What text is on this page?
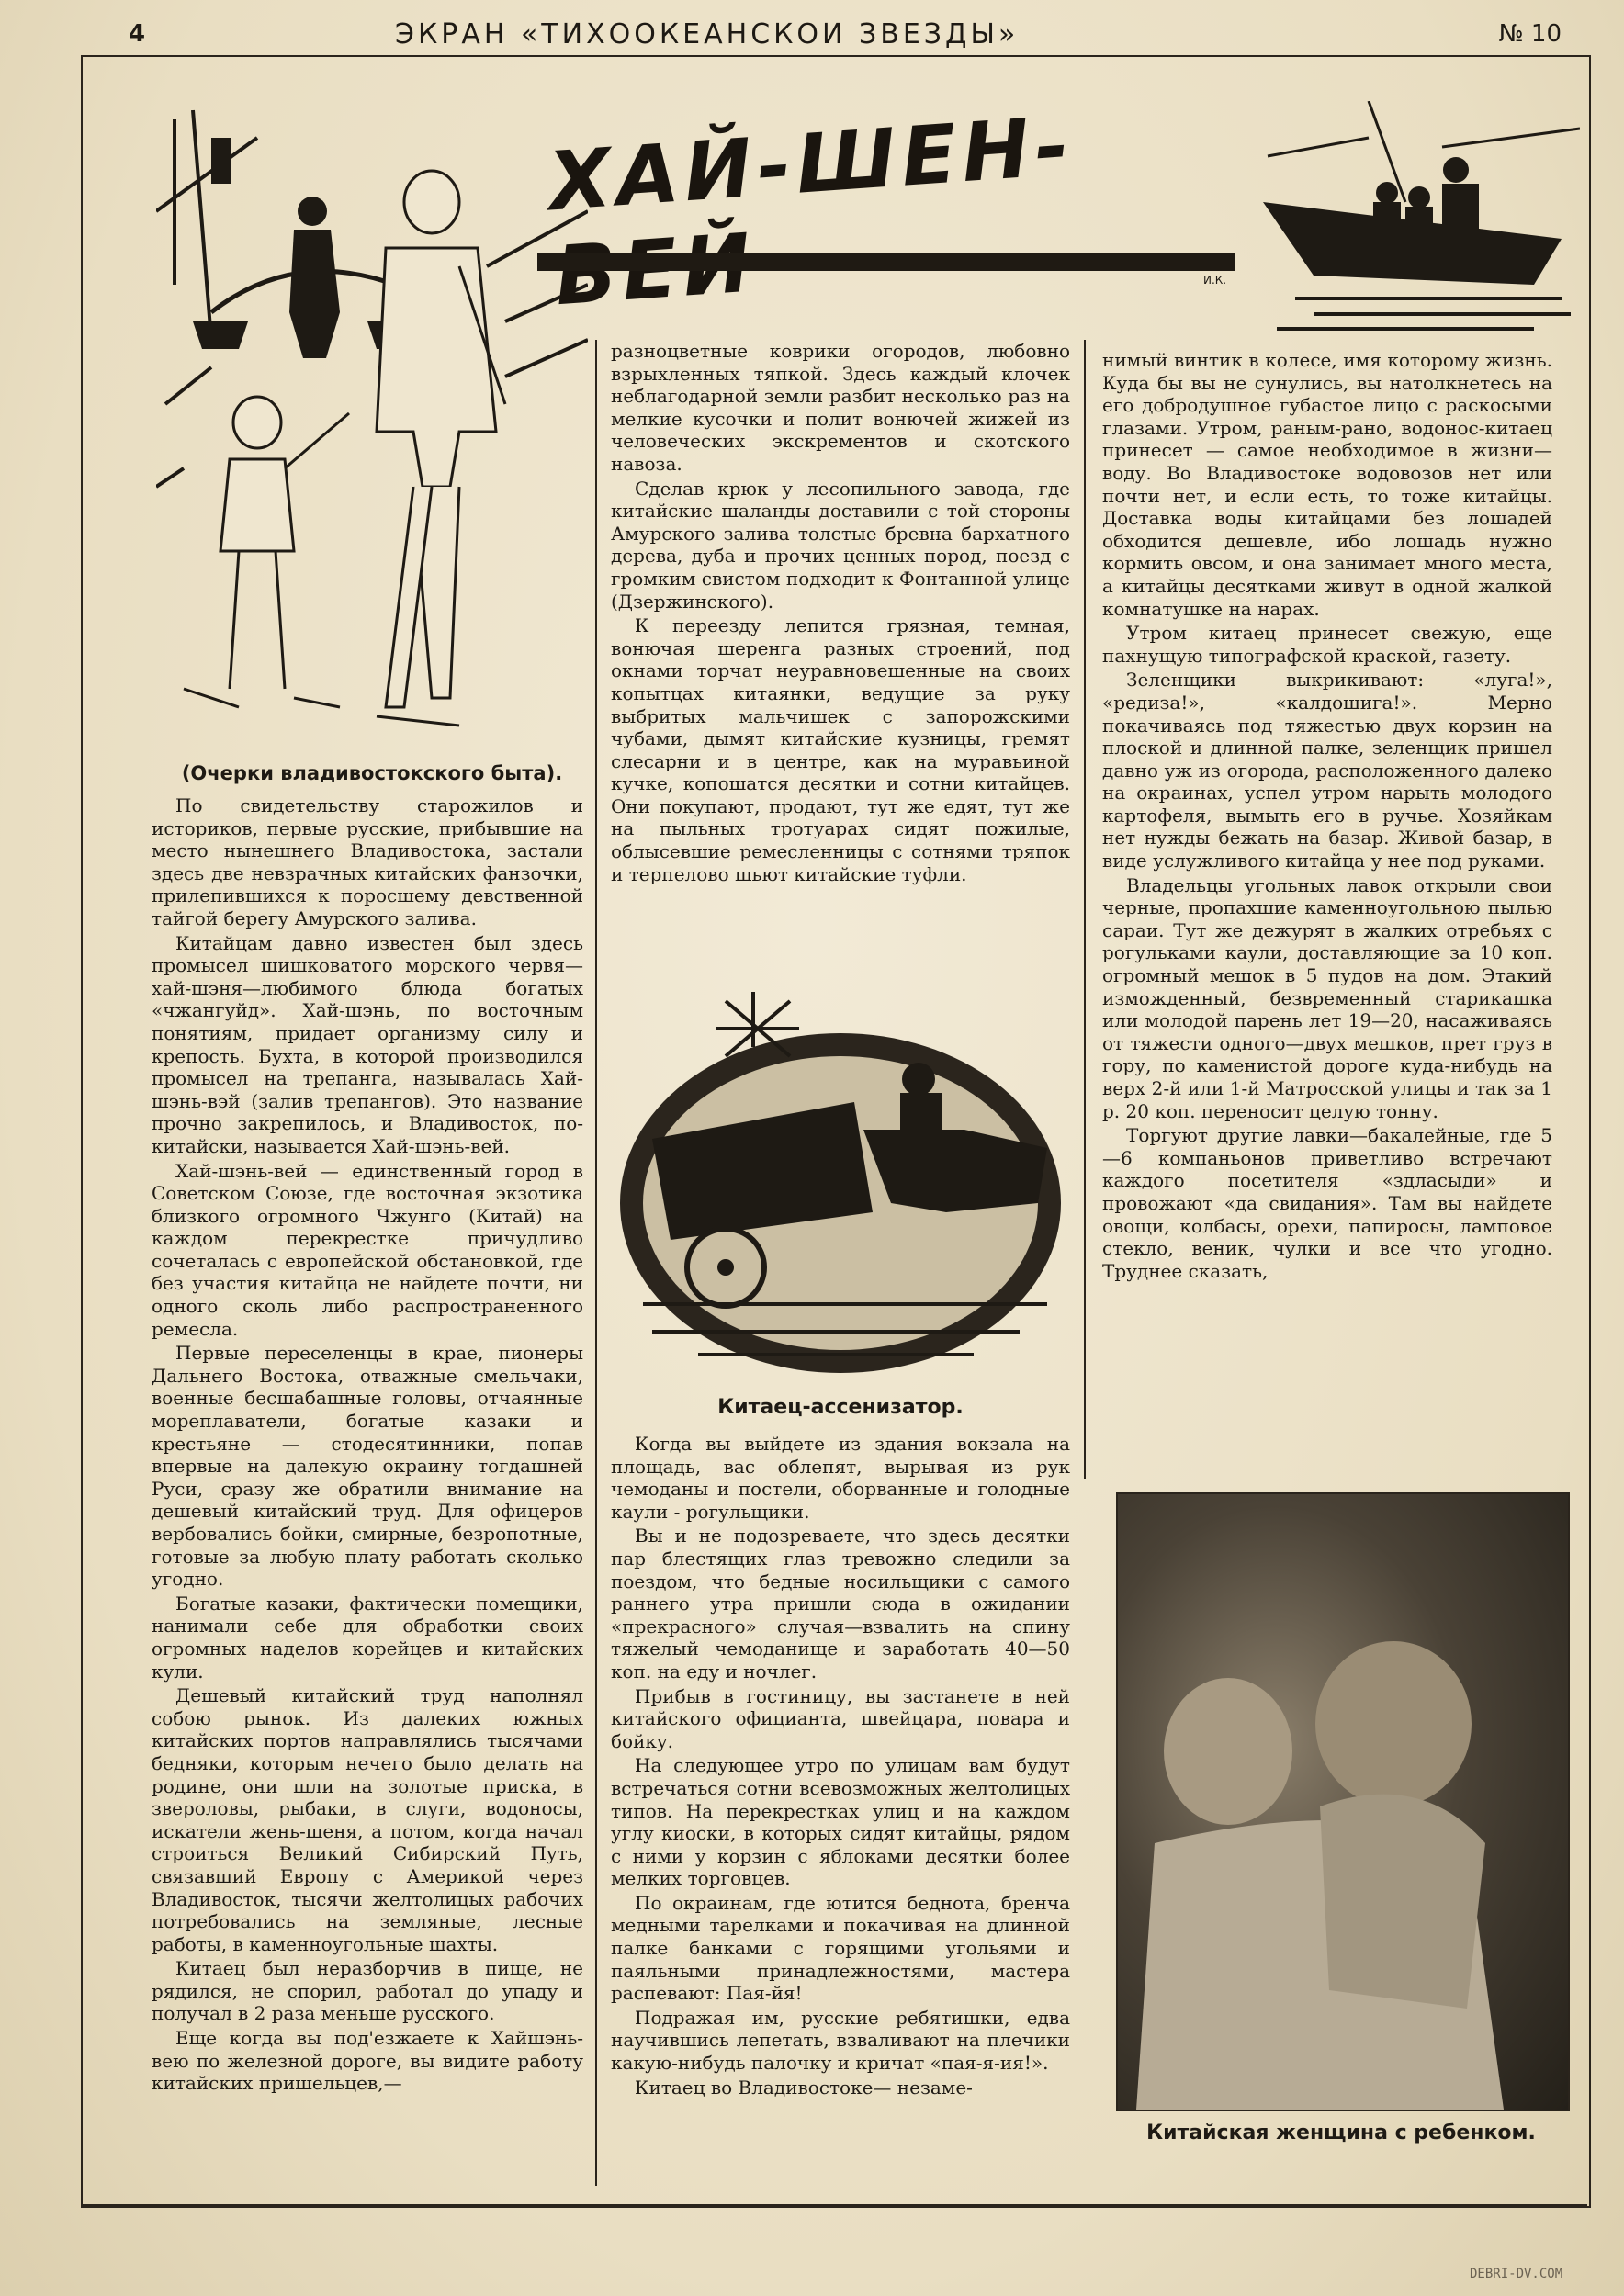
4	ЭКРАН «ТИХООКЕАНСКОИ ЗВЕЗДЫ»	№ 10
ХАЙ-ШЕН-ВЕЙ	И.К.
(Очерки владивостокского быта).

По свидетельству старожилов и историков, первые русские, прибывшие на место нынешнего Владивостока, застали здесь две невзрачных китайских фанзочки, прилепившихся к поросшему девственной тайгой берегу Амурского залива.

Китайцам давно известен был здесь промысел шишковатого морского червя—хай-шэня—любимого блюда богатых «чжангуйд». Хай-шэнь, по восточным понятиям, придает организму силу и крепость. Бухта, в которой производился промысел на трепанга, называлась Хай-шэнь-вэй (залив трепангов). Это название прочно закрепилось, и Владивосток, по-китайски, называется Хай-шэнь-вей.

Хай-шэнь-вей — единственный город в Советском Союзе, где восточная экзотика близкого огромного Чжунго (Китай) на каждом перекрестке причудливо сочеталась с европейской обстановкой, где без участия китайца не найдете почти, ни одного сколь либо распространенного ремесла.

Первые переселенцы в крае, пионеры Дальнего Востока, отважные смельчаки, военные бесшабашные головы, отчаянные мореплаватели, богатые казаки и крестьяне — стодесятинники, попав впервые на далекую окраину тогдашней Руси, сразу же обратили внимание на дешевый китайский труд. Для офицеров вербовались бойки, смирные, безропотные, готовые за любую плату работать сколько угодно.

Богатые казаки, фактически помещики, нанимали себе для обработки своих огромных наделов корейцев и китайских кули.

Дешевый китайский труд наполнял собою рынок. Из далеких южных китайских портов направлялись тысячами бедняки, которым нечего было делать на родине, они шли на золотые приска, в звероловы, рыбаки, в слуги, водоносы, искатели жень-шеня, а потом, когда начал строиться Великий Сибирский Путь, связавший Европу с Америкой через Владивосток, тысячи желтолицых рабочих потребовались на земляные, лесные работы, в каменноугольные шахты.

Китаец был неразборчив в пище, не рядился, не спорил, работал до упаду и получал в 2 раза меньше русского.

Еще когда вы под'езжаете к Хайшэнь-вею по железной дороге, вы видите работу китайских пришельцев,—

разноцветные коврики огородов, любовно взрыхленных тяпкой. Здесь каждый клочек неблагодарной земли разбит несколько раз на мелкие кусочки и полит вонючей жижей из человеческих экскрементов и скотского навоза.

Сделав крюк у лесопильного завода, где китайские шаланды доставили с той стороны Амурского залива толстые бревна бархатного дерева, дуба и прочих ценных пород, поезд с громким свистом подходит к Фонтанной улице (Дзержинского).

К переезду лепится грязная, темная, вонючая шеренга разных строений, под окнами торчат неуравновешенные на своих копытцах китаянки, ведущие за руку выбритых мальчишек с запорожскими чубами, дымят китайские кузницы, гремят слесарни и в центре, как на муравьиной кучке, копошатся десятки и сотни китайцев. Они покупают, продают, тут же едят, тут же на пыльных тротуарах сидят пожилые, облысевшие ремесленницы с сотнями тряпок и терпелово шьют китайские туфли.

Китаец-ассенизатор.

Когда вы выйдете из здания вокзала на площадь, вас облепят, вырывая из рук чемоданы и постели, оборванные и голодные каули - рогульщики.

Вы и не подозреваете, что здесь десятки пар блестящих глаз тревожно следили за поездом, что бедные носильщики с самого раннего утра пришли сюда в ожидании «прекрасного» случая—взвалить на спину тяжелый чемоданище и заработать 40—50 коп. на еду и ночлег.

Прибыв в гостиницу, вы застанете в ней китайского официанта, швейцара, повара и бойку.

На следующее утро по улицам вам будут встречаться сотни всевозможных желтолицых типов. На перекрестках улиц и на каждом углу киоски, в которых сидят китайцы, рядом с ними у корзин с яблоками десятки более мелких торговцев.

По окраинам, где ютится беднота, бренча медными тарелками и покачивая на длинной палке банками с горящими угольями и паяльными принадлежностями, мастера распевают: Пая-йя!

Подражая им, русские ребятишки, едва научившись лепетать, взваливают на плечики какую-нибудь палочку и кричат «пая-я-ия!».

Китаец во Владивостоке— незаме-

нимый винтик в колесе, имя которому жизнь. Куда бы вы не сунулись, вы натолкнетесь на его добродушное губастое лицо с раскосыми глазами. Утром, раным-рано, водонос-китаец принесет — самое необходимое в жизни—воду. Во Владивостоке водовозов нет или почти нет, и если есть, то тоже китайцы. Доставка воды китайцами без лошадей обходится дешевле, ибо лошадь нужно кормить овсом, и она занимает много места, а китайцы десятками живут в одной жалкой комнатушке на нарах.

Утром китаец принесет свежую, еще пахнущую типографской краской, газету.

Зеленщики выкрикивают: «луга!», «редиза!», «калдошига!». Мерно покачиваясь под тяжестью двух корзин на плоской и длинной палке, зеленщик пришел давно уж из огорода, расположенного далеко на окраинах, успел утром нарыть молодого картофеля, вымыть его в ручье. Хозяйкам нет нужды бежать на базар. Живой базар, в виде услужливого китайца у нее под руками.

Владельцы угольных лавок открыли свои черные, пропахшие каменноугольною пылью сараи. Тут же дежурят в жалких отребьях с рогульками каули, доставляющие за 10 коп. огромный мешок в 5 пудов на дом. Этакий изможденный, безвременный старикашка или молодой парень лет 19—20, насаживаясь от тяжести одного—двух мешков, прет груз в гору, по каменистой дороге куда-нибудь на верх 2-й или 1-й Матросской улицы и так за 1 р. 20 коп. переносит целую тонну.

Торгуют другие лавки—бакалейные, где 5—6 компаньонов приветливо встречают каждого посетителя «здласыди» и провожают «да свидания». Там вы найдете овощи, колбасы, орехи, папиросы, ламповое стекло, веник, чулки и все что угодно. Труднее сказать,

Китайская женщина с ребенком.
DEBRI-DV.COM
